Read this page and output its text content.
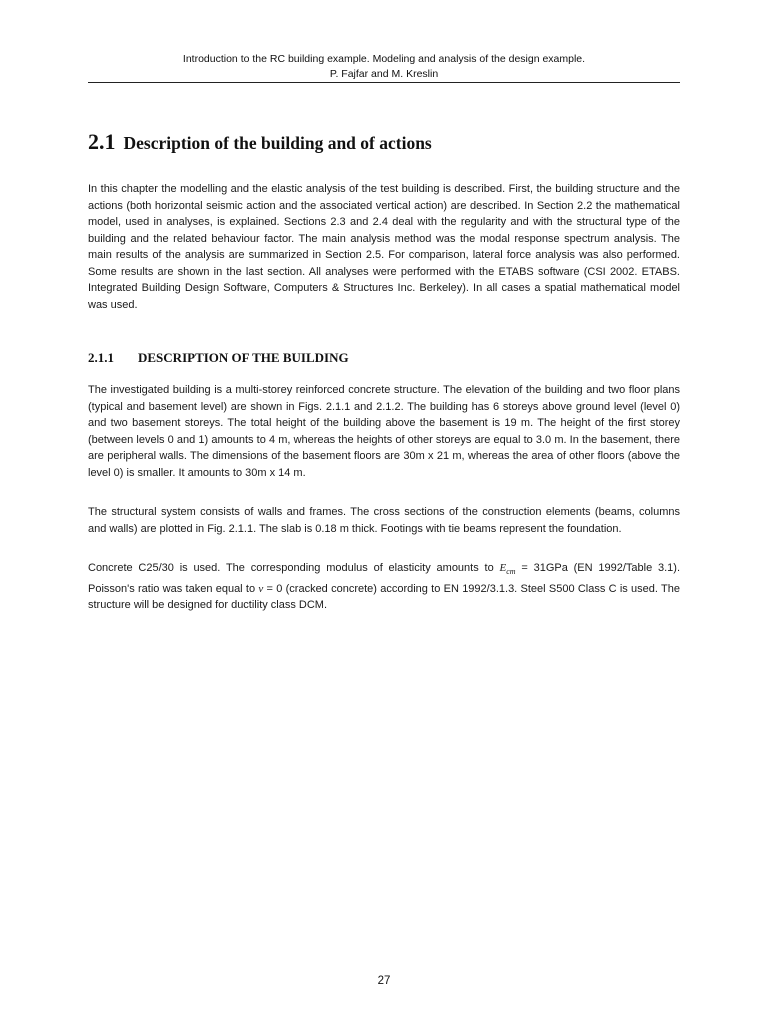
Introduction to the RC building example. Modeling and analysis of the design example.
P. Fajfar and M. Kreslin
2.1 Description of the building and of actions

In this chapter the modelling and the elastic analysis of the test building is described. First, the building structure and the actions (both horizontal seismic action and the associated vertical action) are described. In Section 2.2 the mathematical model, used in analyses, is explained. Sections 2.3 and 2.4 deal with the regularity and with the structural type of the building and the related behaviour factor. The main analysis method was the modal response spectrum analysis. The main results of the analysis are summarized in Section 2.5. For comparison, lateral force analysis was also performed. Some results are shown in the last section. All analyses were performed with the ETABS software (CSI 2002. ETABS. Integrated Building Design Software, Computers & Structures Inc. Berkeley). In all cases a spatial mathematical model was used.

2.1.1 DESCRIPTION OF THE BUILDING

The investigated building is a multi-storey reinforced concrete structure. The elevation of the building and two floor plans (typical and basement level) are shown in Figs. 2.1.1 and 2.1.2. The building has 6 storeys above ground level (level 0) and two basement storeys. The total height of the building above the basement is 19 m. The height of the first storey (between levels 0 and 1) amounts to 4 m, whereas the heights of other storeys are equal to 3.0 m. In the basement, there are peripheral walls. The dimensions of the basement floors are 30m x 21 m, whereas the area of other floors (above the level 0) is smaller. It amounts to 30m x 14 m.

The structural system consists of walls and frames. The cross sections of the construction elements (beams, columns and walls) are plotted in Fig. 2.1.1. The slab is 0.18 m thick. Footings with tie beams represent the foundation.

Concrete C25/30 is used. The corresponding modulus of elasticity amounts to $E_{cm} = 31GPa$ (EN 1992/Table 3.1). Poisson's ratio was taken equal to ν = 0 (cracked concrete) according to EN 1992/3.1.3. Steel S500 Class C is used. The structure will be designed for ductility class DCM.

27
